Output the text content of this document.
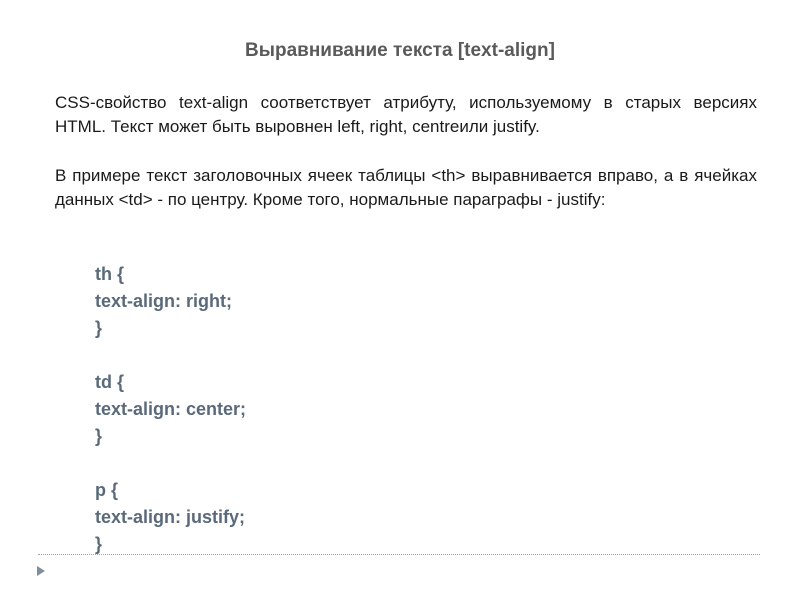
Выравнивание текста [text-align]

CSS-свойство text-align соответствует атрибуту, используемому в старых версиях HTML. Текст может быть выровнен left, right, centreили justify.

В примере текст заголовочных ячеек таблицы <th> выравнивается вправо, а в ячейках данных <td> - по центру. Кроме того, нормальные параграфы - justify:

th {
text-align: right;
}
td {
text-align: center;
}
p {
text-align: justify;
}
